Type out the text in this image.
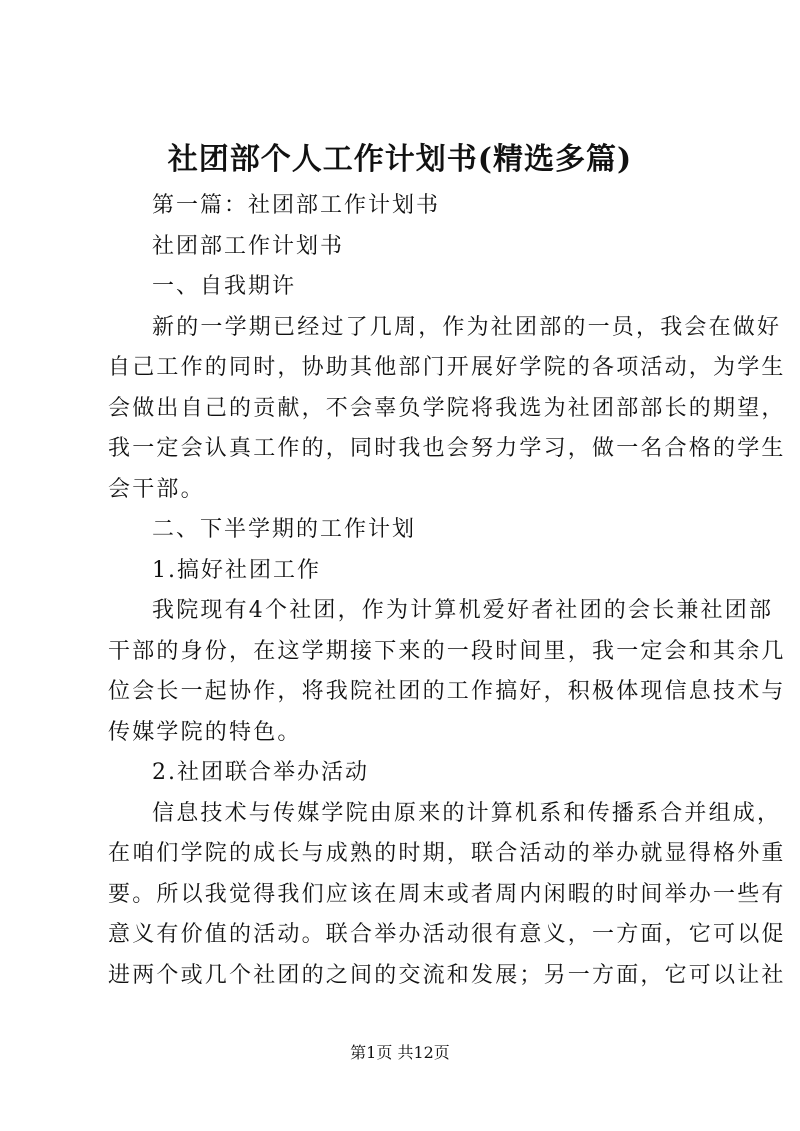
社团部个人工作计划书(精选多篇)
第一篇：社团部工作计划书
社团部工作计划书
一、自我期许

新的一学期已经过了几周，作为社团部的一员，我会在做好

自己工作的同时，协助其他部门开展好学院的各项活动，为学生

会做出自己的贡献，不会辜负学院将我选为社团部部长的期望，

我一定会认真工作的，同时我也会努力学习，做一名合格的学生

会干部。

二、下半学期的工作计划
1.搞好社团工作

我院现有4个社团，作为计算机爱好者社团的会长兼社团部

干部的身份，在这学期接下来的一段时间里，我一定会和其余几

位会长一起协作，将我院社团的工作搞好，积极体现信息技术与

传媒学院的特色。

2.社团联合举办活动

信息技术与传媒学院由原来的计算机系和传播系合并组成，

在咱们学院的成长与成熟的时期，联合活动的举办就显得格外重

要。所以我觉得我们应该在周末或者周内闲暇的时间举办一些有

意义有价值的活动。联合举办活动很有意义，一方面，它可以促

进两个或几个社团的之间的交流和发展；另一方面，它可以让社

第1页 共12页
